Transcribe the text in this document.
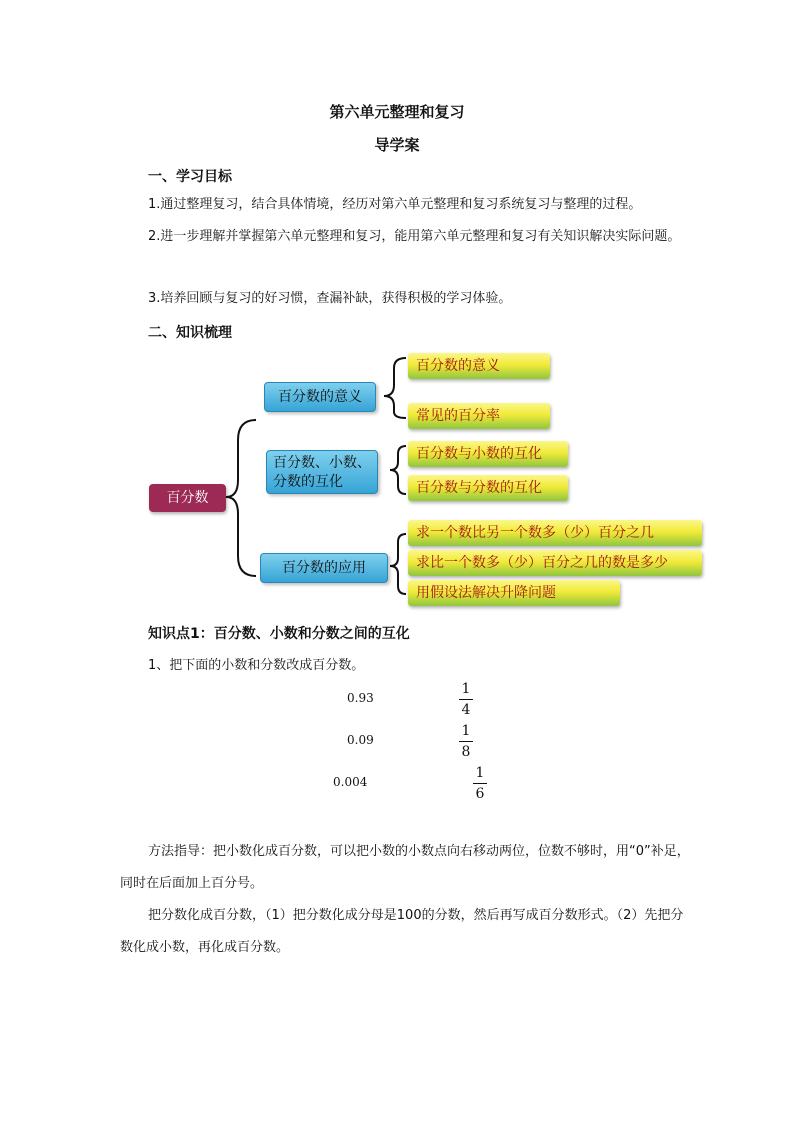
第六单元整理和复习
导学案
一、学习目标
1.通过整理复习，结合具体情境，经历对第六单元整理和复习系统复习与整理的过程。
2.进一步理解并掌握第六单元整理和复习，能用第六单元整理和复习有关知识解决实际问题。
3.培养回顾与复习的好习惯，查漏补缺，获得积极的学习体验。
二、知识梳理
百分数
百分数的意义
百分数、小数、分数的互化
百分数的应用
百分数的意义
常见的百分率
百分数与小数的互化
百分数与分数的互化
求一个数比另一个数多（少）百分之几
求比一个数多（少）百分之几的数是多少
用假设法解决升降问题
知识点1：百分数、小数和分数之间的互化
1、把下面的小数和分数改成百分数。
0.93
0.09
0.004
1
4
1
8
1
6
方法指导：把小数化成百分数，可以把小数的小数点向右移动两位，位数不够时，用“0”补足，同时在后面加上百分号。
把分数化成百分数，（1）把分数化成分母是100的分数，然后再写成百分数形式。（2）先把分数化成小数，再化成百分数。
